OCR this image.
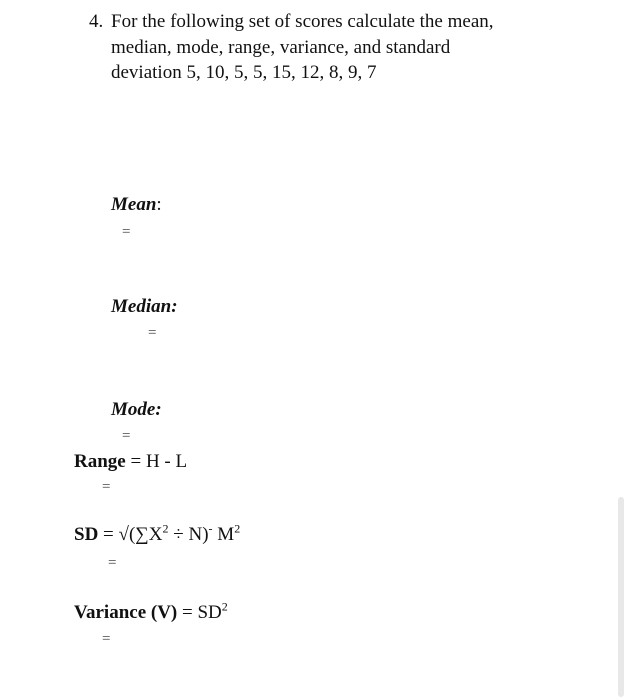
4. For the following set of scores calculate the mean,
median, mode, range, variance, and standard
deviation 5, 10, 5, 5, 15, 12, 8, 9, 7
Mean:
=
Median:
=
Mode:
=
Range = H - L
=
SD = $√(\sum X^2 \div N)^-$ $M^2$
=
Variance $(V) = SD^2$
=
